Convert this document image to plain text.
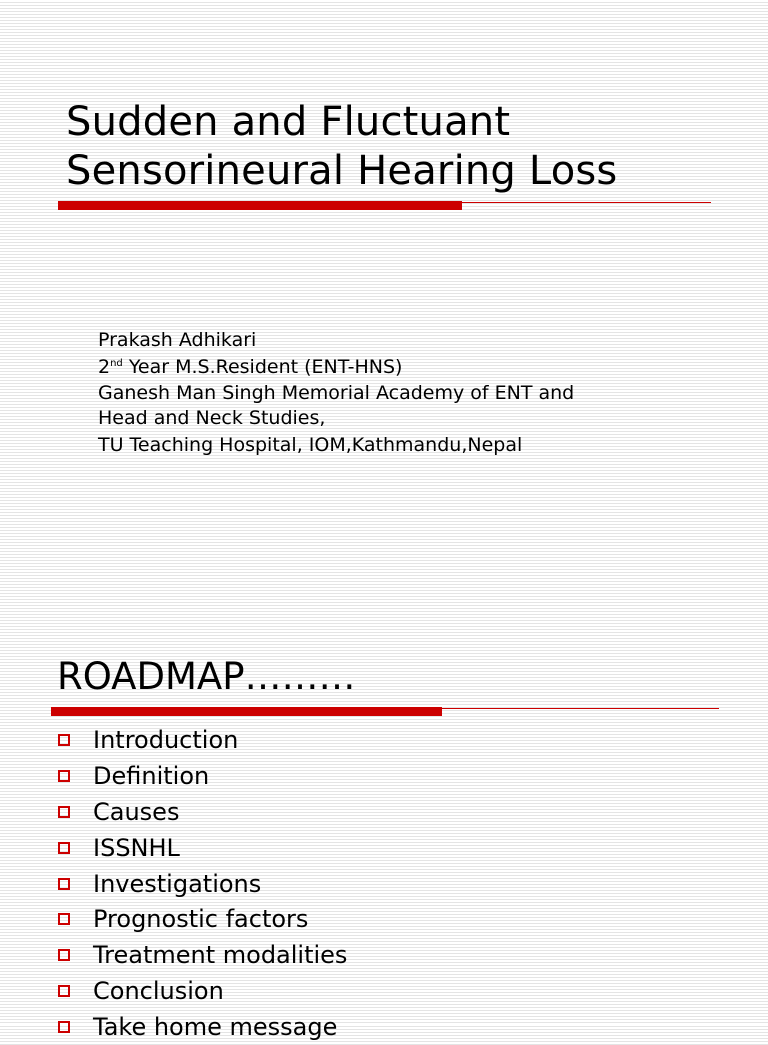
Sudden and Fluctuant
Sensorineural Hearing Loss
Prakash Adhikari
2nd Year M.S.Resident (ENT-HNS)
Ganesh Man Singh Memorial Academy of ENT and
Head and Neck Studies,
TU Teaching Hospital, IOM,Kathmandu,Nepal
ROADMAP………
Introduction
Definition
Causes
ISSNHL
Investigations
Prognostic factors
Treatment modalities
Conclusion
Take home message
